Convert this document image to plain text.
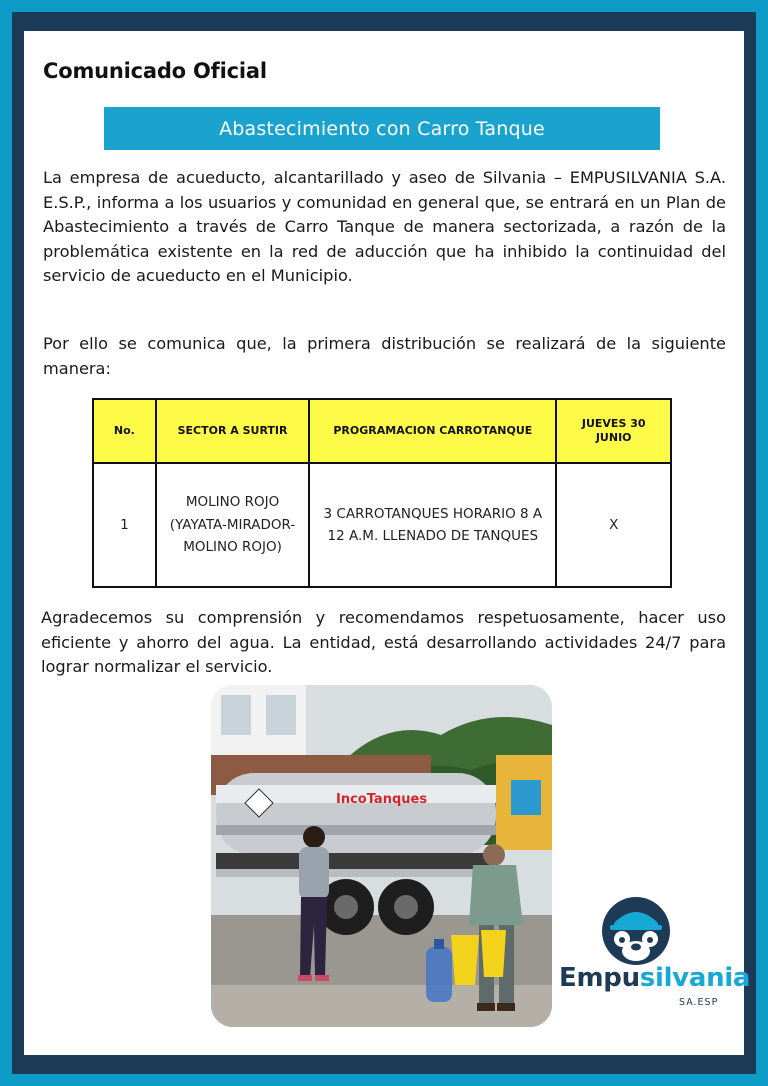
Comunicado Oficial
Abastecimiento con Carro Tanque
La empresa de acueducto, alcantarillado y aseo de Silvania – EMPUSILVANIA S.A. E.S.P., informa a los usuarios y comunidad en general que, se entrará en un Plan de Abastecimiento a través de Carro Tanque de manera sectorizada, a razón de la problemática existente en la red de aducción que ha inhibido la continuidad del servicio de acueducto en el Municipio.
Por ello se comunica que, la primera distribución se realizará de la siguiente manera:
No.	SECTOR A SURTIR	PROGRAMACION CARROTANQUE	JUEVES 30 JUNIO
1	MOLINO ROJO (YAYATA-MIRADOR-MOLINO ROJO)	3 CARROTANQUES HORARIO 8 A 12 A.M. LLENADO DE TANQUES	X
Agradecemos su comprensión y recomendamos respetuosamente, hacer uso eficiente y ahorro del agua. La entidad, está desarrollando actividades 24/7 para lograr normalizar el servicio.
IncoTanques
Empusilvania
SA.ESP
